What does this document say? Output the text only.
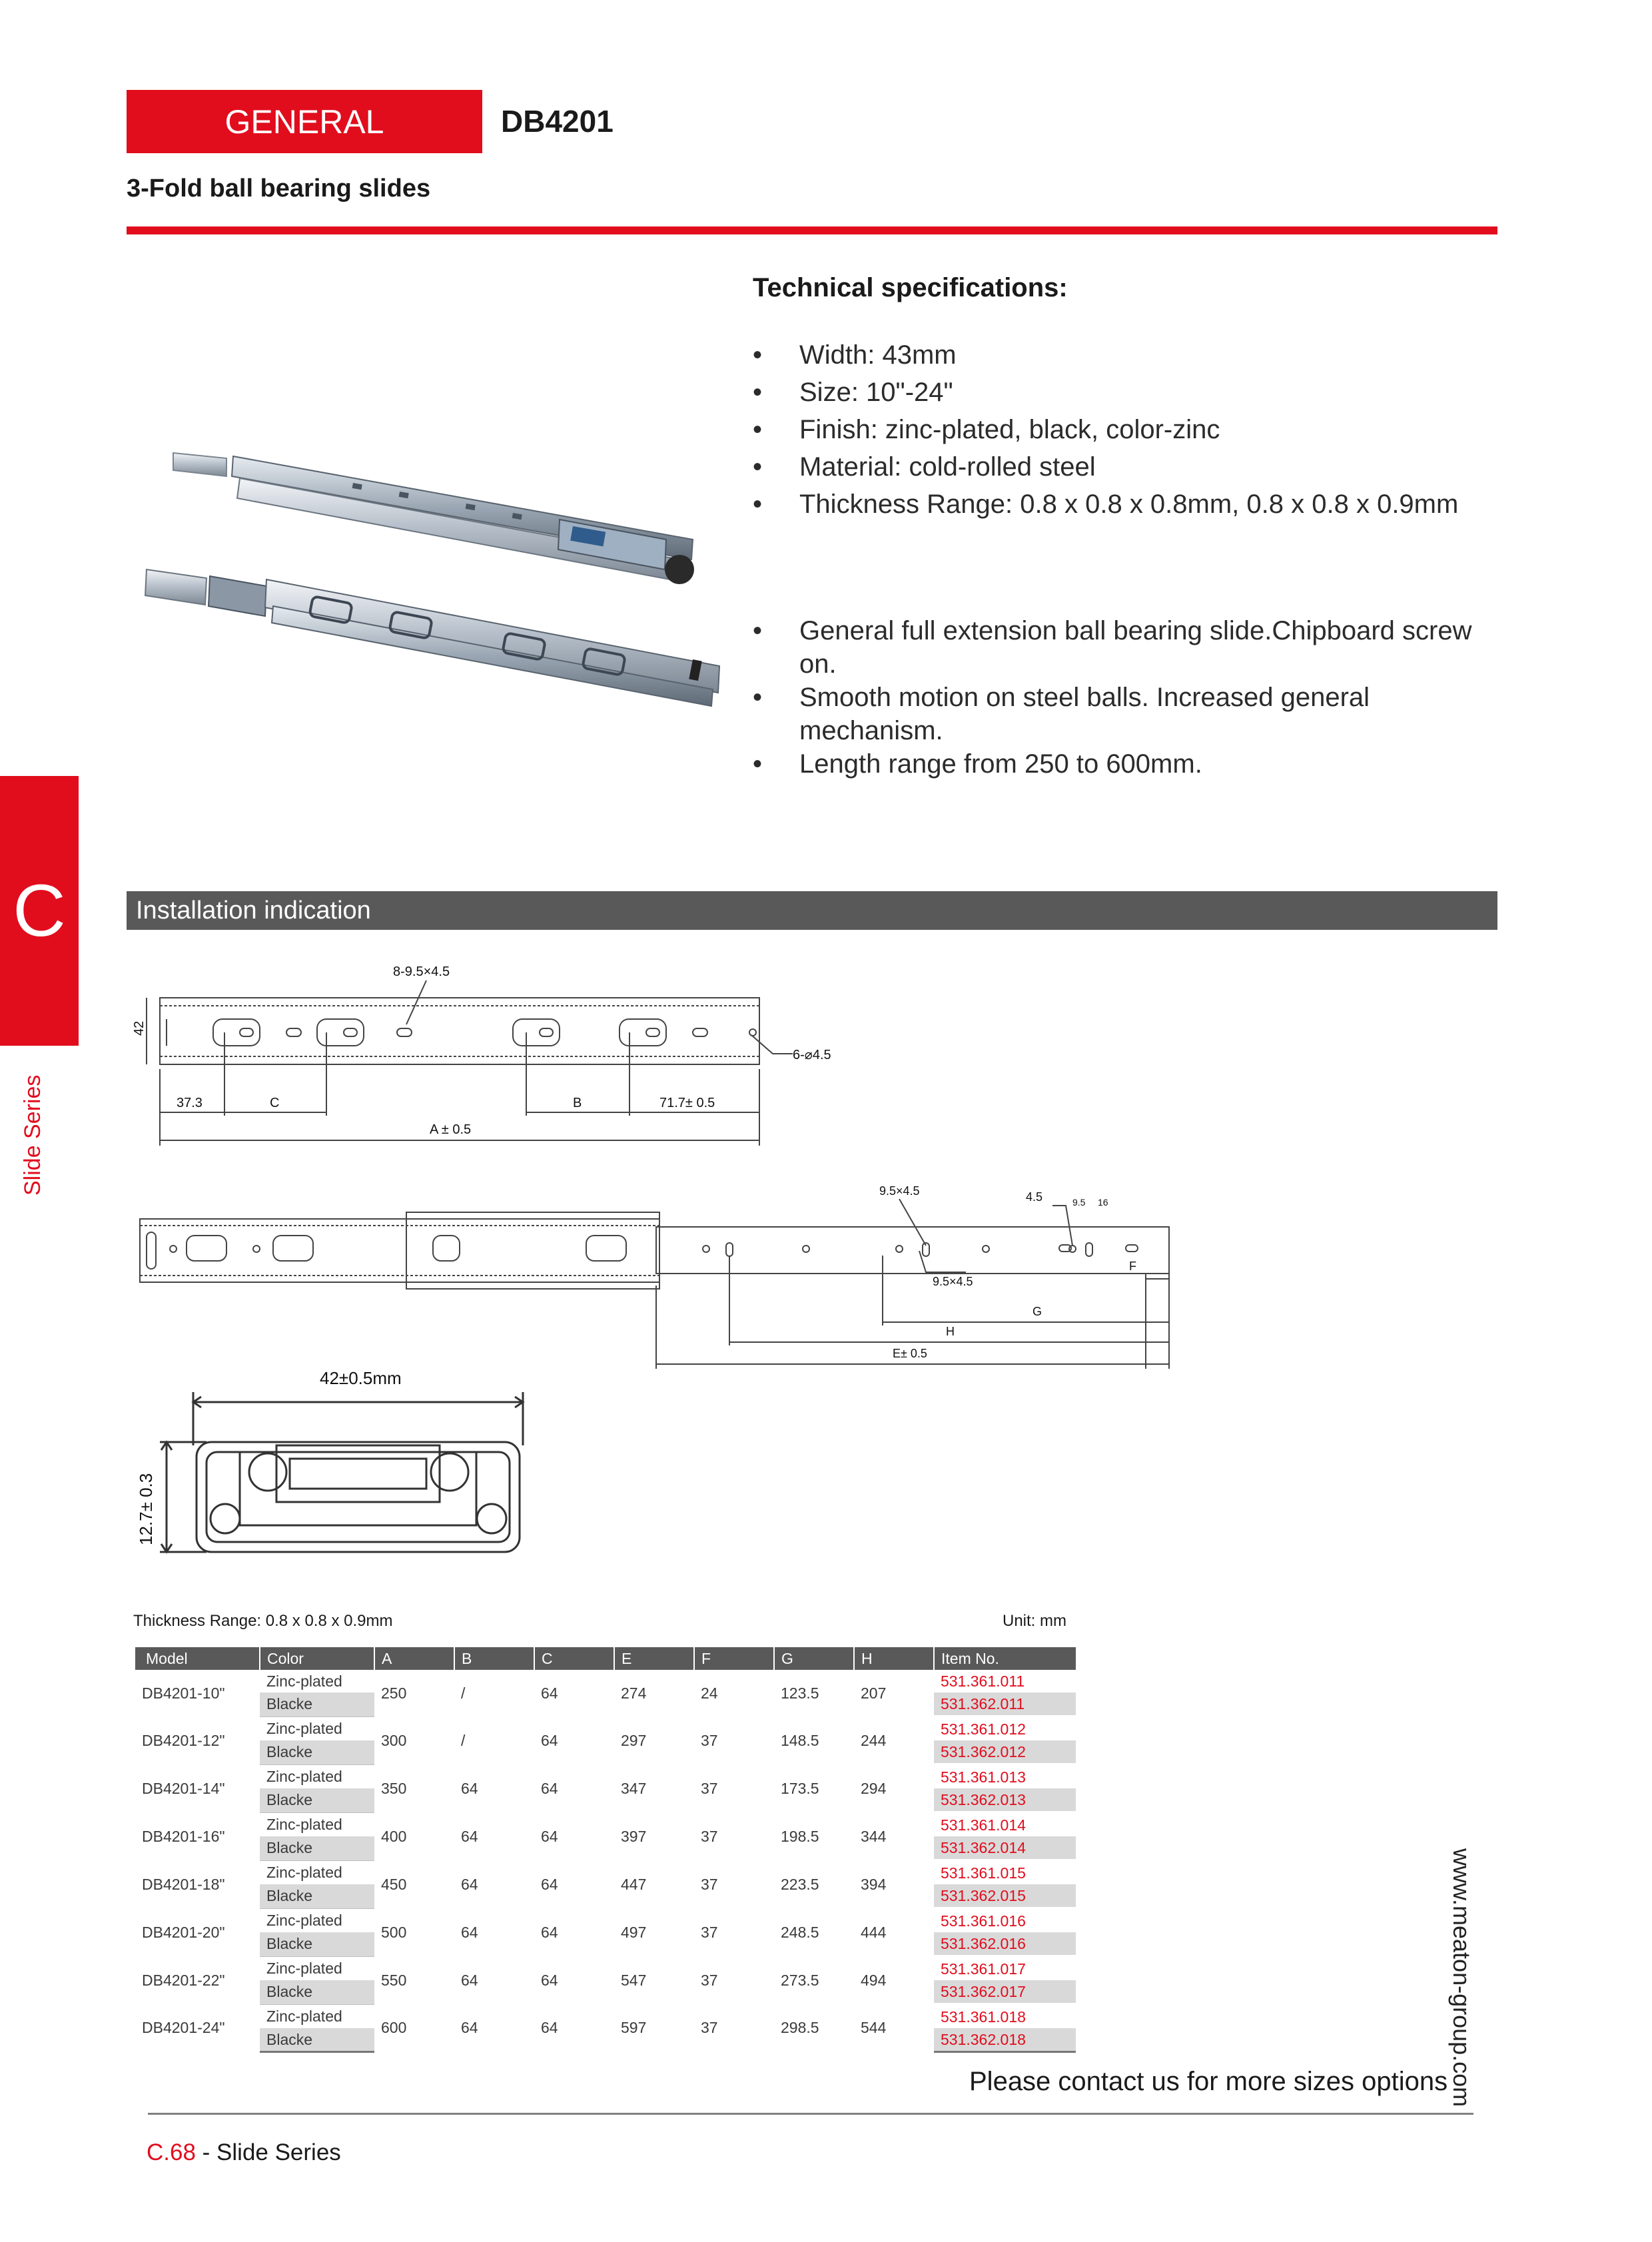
GENERAL	DB4201
3-Fold ball bearing slides
Technical specifications:
• Width: 43mm
• Size: 10"-24"
• Finish: zinc-plated, black, color-zinc
• Material: cold-rolled steel
• Thickness Range: 0.8 x 0.8 x 0.8mm, 0.8 x 0.8 x 0.9mm
• General full extension ball bearing slide.Chipboard screw on.
• Smooth motion on steel balls. Increased general mechanism.
• Length range from 250 to 600mm.
C
Slide Series
Installation indication
8-9.5×4.5
42
6-⌀4.5
37.3	C	B	71.7± 0.5
A ± 0.5
9.5×4.5
9.5×4.5
4.5	9.5 16
F
G
H
E± 0.5
42±0.5mm
12.7± 0.3
Thickness Range: 0.8 x 0.8 x 0.9mm	Unit: mm
Model	Color	A	B	C	E	F	G	H	Item No.
DB4201-10"	Zinc-plated	250	/	64	274	24	123.5	207	531.361.011
	Blacke								531.362.011
DB4201-12"	Zinc-plated	300	/	64	297	37	148.5	244	531.361.012
	Blacke								531.362.012
DB4201-14"	Zinc-plated	350	64	64	347	37	173.5	294	531.361.013
	Blacke								531.362.013
DB4201-16"	Zinc-plated	400	64	64	397	37	198.5	344	531.361.014
	Blacke								531.362.014
DB4201-18"	Zinc-plated	450	64	64	447	37	223.5	394	531.361.015
	Blacke								531.362.015
DB4201-20"	Zinc-plated	500	64	64	497	37	248.5	444	531.361.016
	Blacke								531.362.016
DB4201-22"	Zinc-plated	550	64	64	547	37	273.5	494	531.361.017
	Blacke								531.362.017
DB4201-24"	Zinc-plated	600	64	64	597	37	298.5	544	531.361.018
	Blacke								531.362.018
Please contact us for more sizes options
C.68 - Slide Series
www.meaton-group.com
